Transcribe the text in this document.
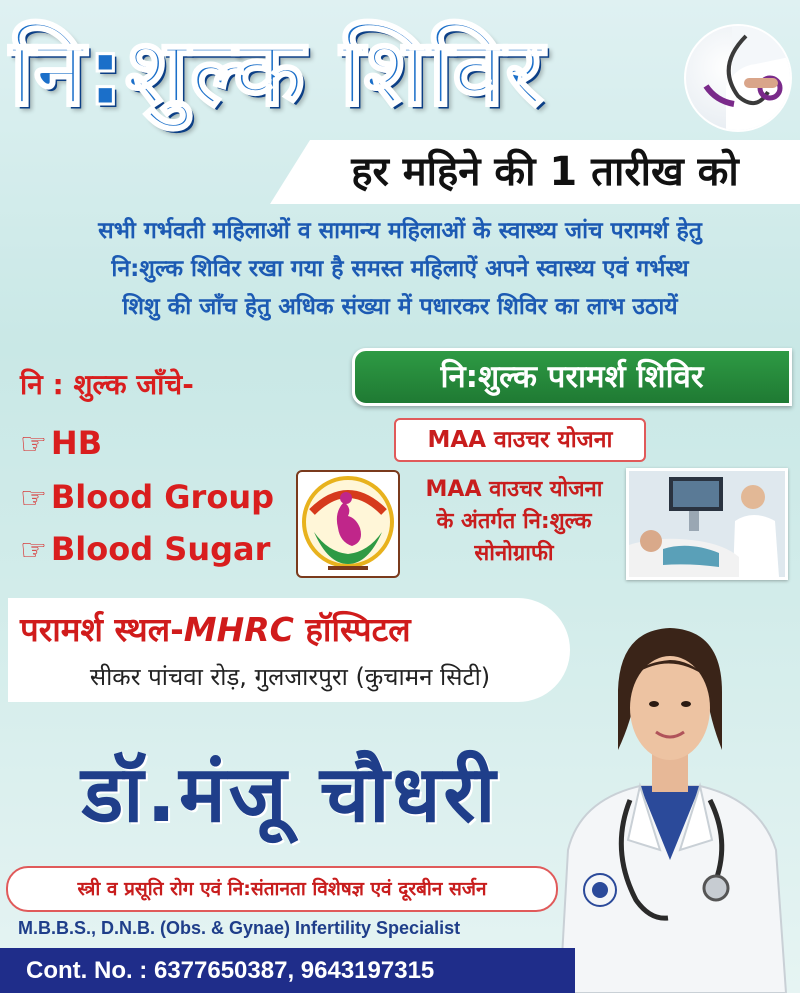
नि:शुल्क शिविर
हर महिने की 1 तारीख को
सभी गर्भवती महिलाओं व सामान्य महिलाओं के स्वास्थ्य जांच परामर्श हेतु
नि:शुल्क शिविर रखा गया है समस्त महिलाऐं अपने स्वास्थ्य एवं गर्भस्थ
शिशु की जाँच हेतु अधिक संख्या में पधारकर शिविर का लाभ उठायें
नि : शुल्क जाँचे-
☞ HB
☞ Blood Group
☞ Blood Sugar
नि:शुल्क परामर्श शिविर
MAA वाउचर योजना
MAA वाउचर योजना
के अंतर्गत नि:शुल्क
सोनोग्राफी
परामर्श स्थल-MHRC हॉस्पिटल
सीकर पांचवा रोड़, गुलजारपुरा (कुचामन सिटी)
डॉ.मंजू चौधरी
स्त्री व प्रसूति रोग एवं नि:संतानता विशेषज्ञ एवं दूरबीन सर्जन
M.B.B.S., D.N.B. (Obs. & Gynae) Infertility Specialist
Cont. No. : 6377650387, 9643197315
